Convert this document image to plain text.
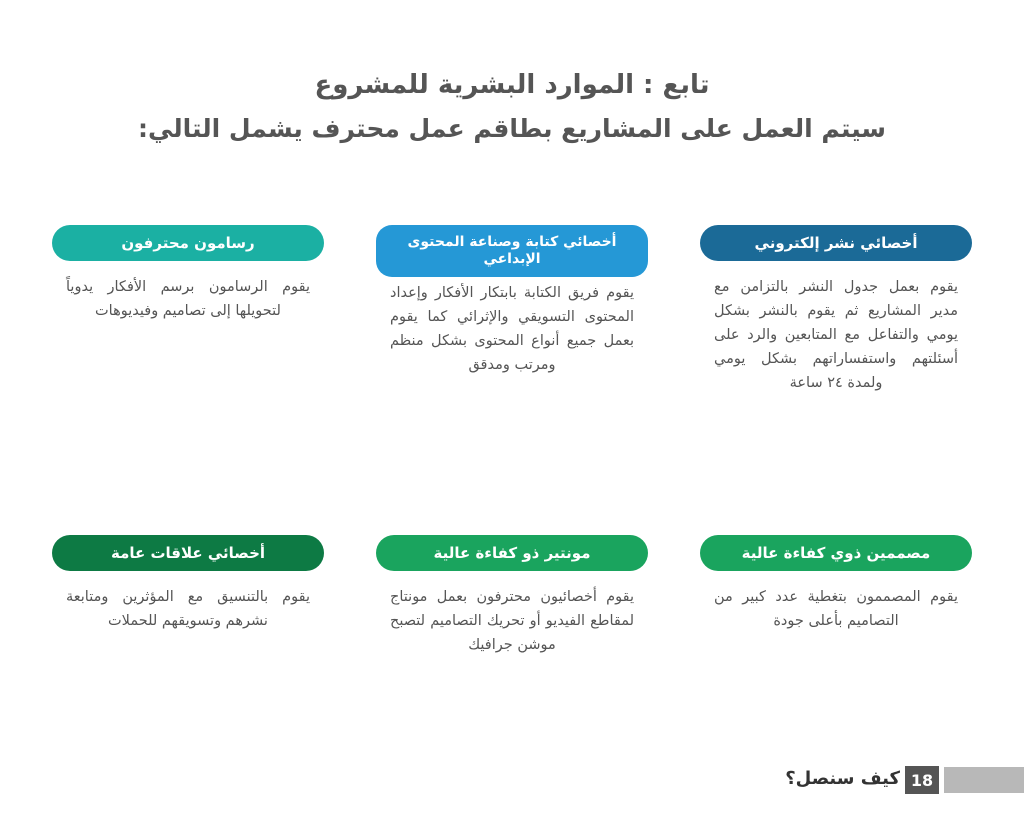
تابع : الموارد البشرية للمشروع
سيتم العمل على المشاريع بطاقم عمل محترف يشمل التالي:
أخصائي نشر إلكتروني
يقوم بعمل جدول النشر بالتزامن مع مدير المشاريع ثم يقوم بالنشر بشكل يومي والتفاعل مع المتابعين والرد على أسئلتهم واستفساراتهم بشكل يومي ولمدة ٢٤ ساعة
أخصائي كتابة وصناعة المحتوى الإبداعي
يقوم فريق الكتابة بابتكار الأفكار وإعداد المحتوى التسويقي والإثرائي كما يقوم بعمل جميع أنواع المحتوى بشكل منظم ومرتب ومدقق
رسامون محترفون
يقوم الرسامون برسم الأفكار يدوياً لتحويلها إلى تصاميم وفيديوهات
مصممين ذوي كفاءة عالية
يقوم المصممون بتغطية عدد كبير من التصاميم بأعلى جودة
مونتير ذو كفاءة عالية
يقوم أخصائيون محترفون بعمل مونتاج لمقاطع الفيديو أو تحريك التصاميم لتصبح موشن جرافيك
أخصائي علاقات عامة
يقوم بالتنسيق مع المؤثرين ومتابعة نشرهم وتسويقهم للحملات
كيف سنصل؟ 18
